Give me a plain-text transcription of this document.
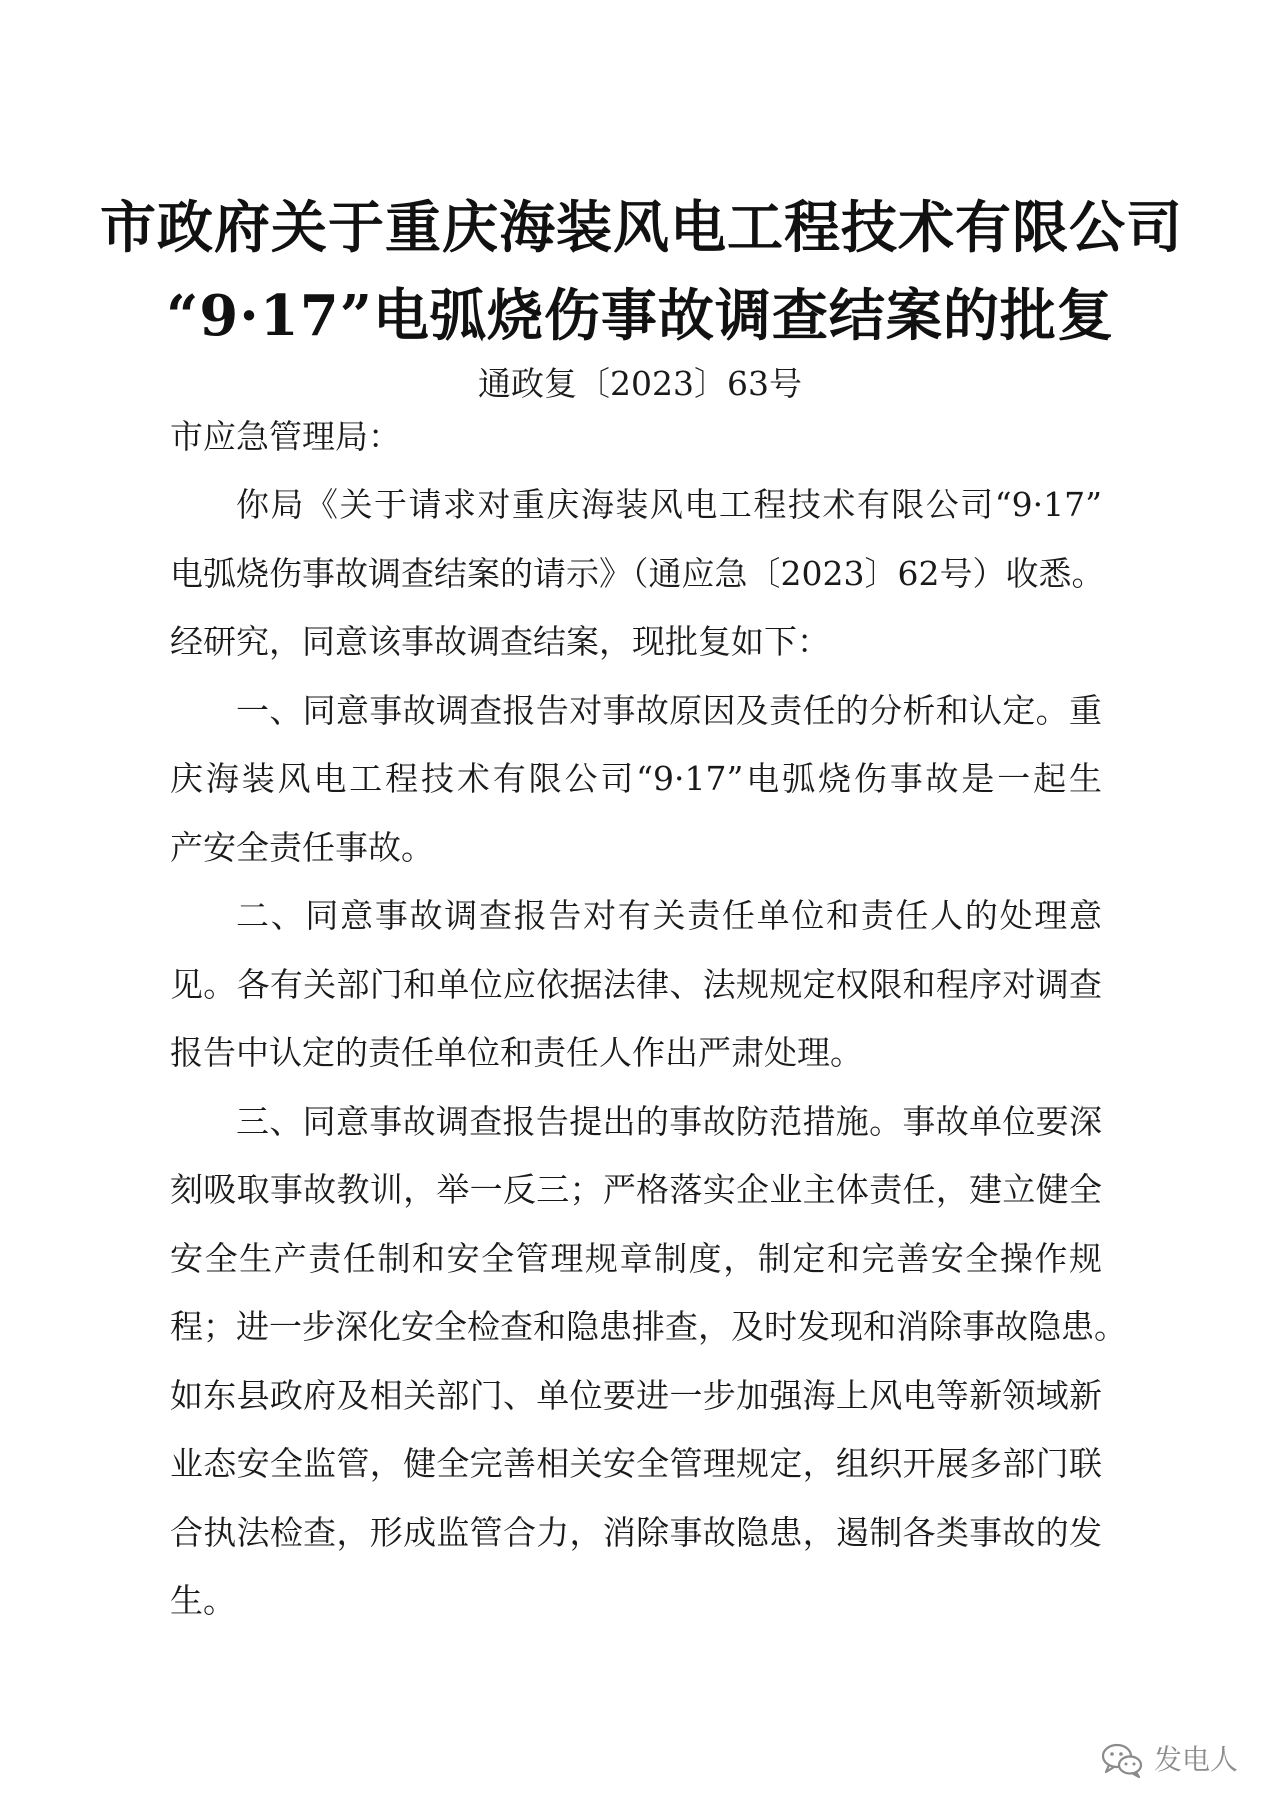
市政府关于重庆海装风电工程技术有限公司
“9·17”电弧烧伤事故调查结案的批复
通政复〔2023〕63号
市应急管理局：
你局《关于请求对重庆海装风电工程技术有限公司“9·17”
电弧烧伤事故调查结案的请示》（通应急〔2023〕62号）收悉。
经研究，同意该事故调查结案，现批复如下：
一、同意事故调查报告对事故原因及责任的分析和认定。重
庆海装风电工程技术有限公司“9·17”电弧烧伤事故是一起生
产安全责任事故。
二、同意事故调查报告对有关责任单位和责任人的处理意
见。各有关部门和单位应依据法律、法规规定权限和程序对调查
报告中认定的责任单位和责任人作出严肃处理。
三、同意事故调查报告提出的事故防范措施。事故单位要深
刻吸取事故教训，举一反三；严格落实企业主体责任，建立健全
安全生产责任制和安全管理规章制度，制定和完善安全操作规
程；进一步深化安全检查和隐患排查，及时发现和消除事故隐患。
如东县政府及相关部门、单位要进一步加强海上风电等新领域新
业态安全监管，健全完善相关安全管理规定，组织开展多部门联
合执法检查，形成监管合力，消除事故隐患，遏制各类事故的发
生。
发电人
